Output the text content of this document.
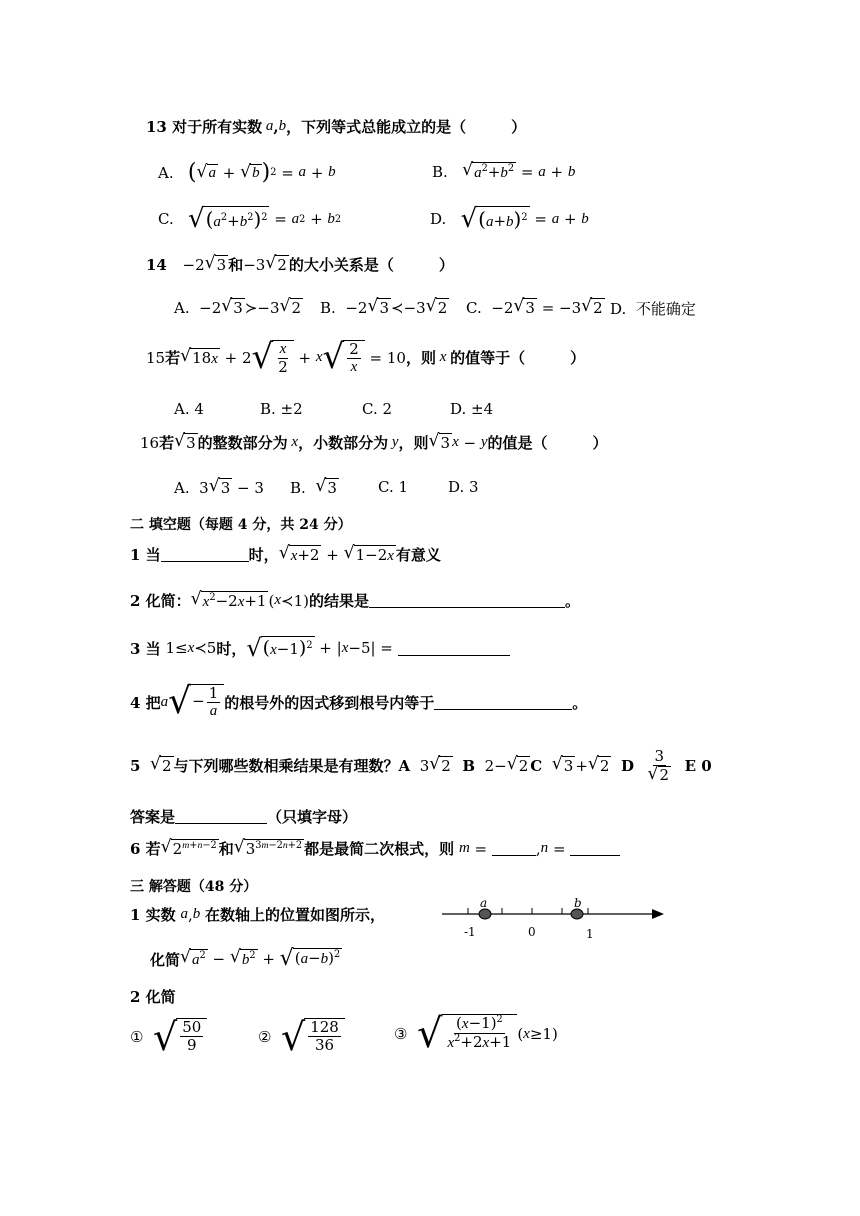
13 对于所有实数 a , b ，下列等式总能成立的是（　　　）
A.
( √ a + √ b ) 2 = a + b	B.
√ $a^2+b^2 = a + b$
C.
√ $(a^2+b^2)^2 = a$ 2 + b 2	D.
√ $(a+b)^2 = a + b$
14
−2 √ 3 和 −3 √ 2 的大小关系是（　　　）
A. −2 √ 3 ≻−3 √ 2 B. −2 √ 3 ≺−3 √ 2 C. −2 √ 3 = −3 √ 2 D.
不能确定
15 若 √ 18x + 2 √ $\frac{x}{2} + x$ √ $\frac{2}{x} = 10$ ，则 x 的值等于（　　　）
A. 4	B. ±2	C. 2	D. ±4
16 若 √ 3 的整数部分为 x ，小数部分为 y ，则 √ 3 x − y 的值是（　　　）
A. 3 √ 3 − 3 B.
√ 3	C. 1	D. 3
二 填空题（每题 4 分，共 24 分）
1 当	时， √ x+2 + √ 1−2x 有意义
2 化简： √ $x^2-2x+1$ ( x ≺1) 的结果是	。
3 当 1≤ x ≺5 时， √ $(x-1)^2$ + | x −5| =
4 把 a √ − $\frac{1}{a}$ 的根号外的因式移到根号内等于	。
5
√ 2 与下列哪些数相乘结果是有理数？ A 3 √ 2
B 2− √ 2 C
√ 3 + √ 2
D
$\frac{3}{√ 2}$
E 0
答案是	（只填字母）
6 若 √ $2^{m+n-2}$ 和 √ $3^{3m-2n+2}$ 都是最简二次根式，则
m =	, n =
三 解答题（48 分）
1 实数
a , b
在数轴上的位置如图所示，
a	b
-1	0	1
化简 √ $a^2$ − √ $b^2$ + √ $(a-b)^2$
2 化简
①
√ $\frac{50}{9}$	②
√ $\frac{128}{36}$	③
√ $\frac{(x-1)^2}{x^2+2x+1}$ ( x ≥1)
